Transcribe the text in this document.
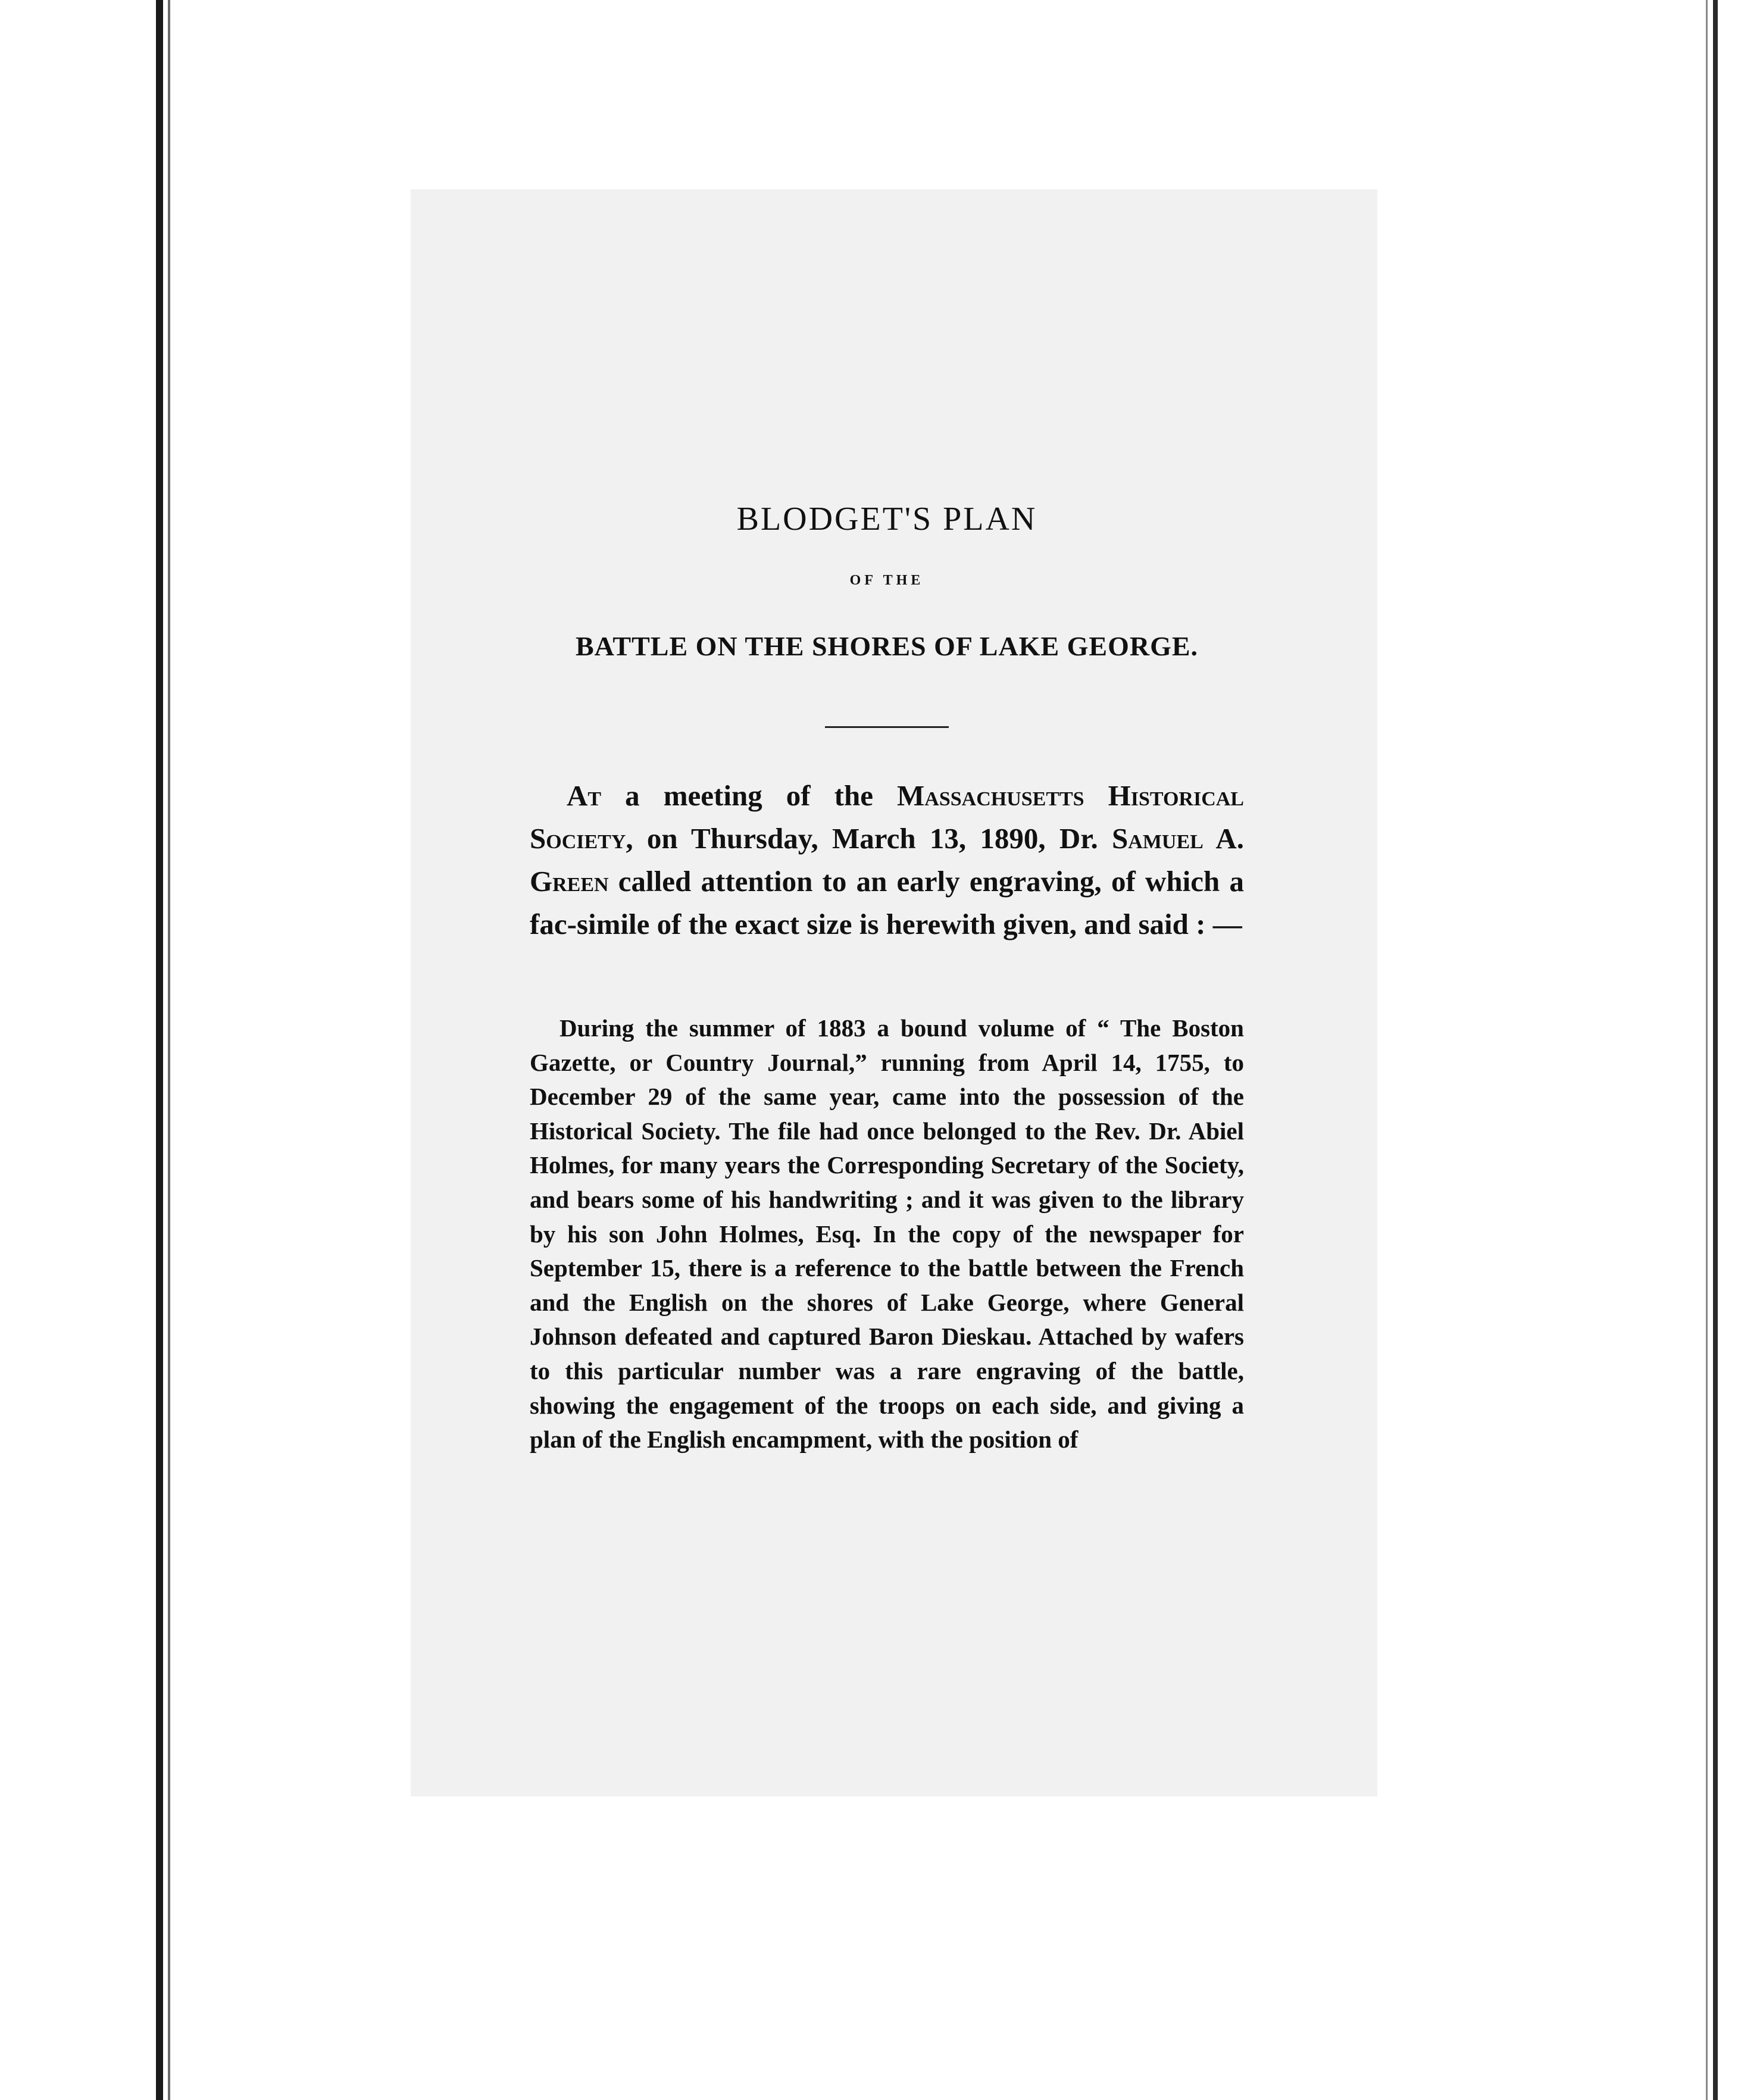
BLODGET'S PLAN
OF THE
BATTLE ON THE SHORES OF LAKE GEORGE.

At a meeting of the Massachusetts Historical Society, on Thursday, March 13, 1890, Dr. Samuel A. Green called attention to an early engraving, of which a fac-simile of the exact size is herewith given, and said : —

During the summer of 1883 a bound volume of “ The Boston Gazette, or Country Journal,” running from April 14, 1755, to December 29 of the same year, came into the possession of the Historical Society. The file had once belonged to the Rev. Dr. Abiel Holmes, for many years the Corresponding Secretary of the Society, and bears some of his handwriting ; and it was given to the library by his son John Holmes, Esq. In the copy of the newspaper for September 15, there is a reference to the battle between the French and the English on the shores of Lake George, where General Johnson defeated and captured Baron Dieskau. Attached by wafers to this particular number was a rare engraving of the battle, showing the engagement of the troops on each side, and giving a plan of the English encampment, with the position of
